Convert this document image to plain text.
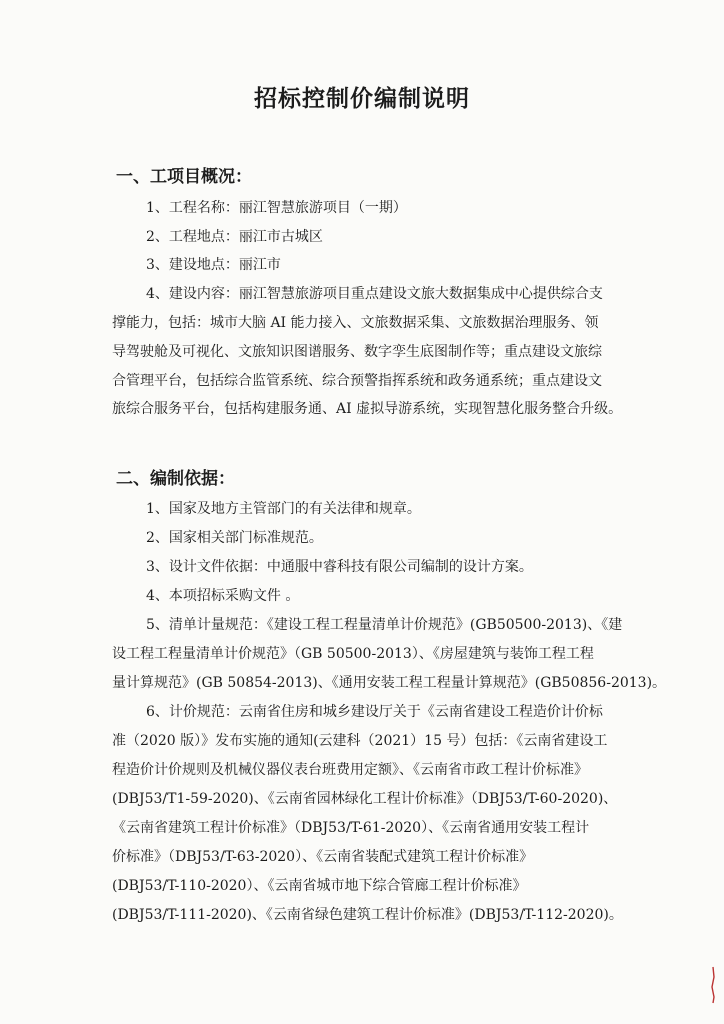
招标控制价编制说明
一、工项目概况：
1、工程名称：丽江智慧旅游项目（一期）
2、工程地点：丽江市古城区
3、建设地点：丽江市
4、建设内容：丽江智慧旅游项目重点建设文旅大数据集成中心提供综合支
撑能力，包括：城市大脑 AI 能力接入、文旅数据采集、文旅数据治理服务、领
导驾驶舱及可视化、文旅知识图谱服务、数字孪生底图制作等；重点建设文旅综
合管理平台，包括综合监管系统、综合预警指挥系统和政务通系统；重点建设文
旅综合服务平台，包括构建服务通、AI 虚拟导游系统，实现智慧化服务整合升级。
二、编制依据：
1、国家及地方主管部门的有关法律和规章。
2、国家相关部门标准规范。
3、设计文件依据：中通服中睿科技有限公司编制的设计方案。
4、本项招标采购文件 。
5、清单计量规范：《建设工程工程量清单计价规范》(GB50500-2013)、《建
设工程工程量清单计价规范》（GB 50500-2013）、《房屋建筑与装饰工程工程
量计算规范》(GB 50854-2013)、《通用安装工程工程量计算规范》(GB50856-2013)。
6、计价规范：云南省住房和城乡建设厅关于《云南省建设工程造价计价标
准（2020 版）》发布实施的通知(云建科（2021）15 号）包括：《云南省建设工
程造价计价规则及机械仪器仪表台班费用定额》、《云南省市政工程计价标准》
(DBJ53/T1-59-2020)、《云南省园林绿化工程计价标准》（DBJ53/T-60-2020)、
《云南省建筑工程计价标准》（DBJ53/T-61-2020）、《云南省通用安装工程计
价标准》（DBJ53/T-63-2020）、《云南省装配式建筑工程计价标准》
(DBJ53/T-110-2020）、《云南省城市地下综合管廊工程计价标准》
(DBJ53/T-111-2020)、《云南省绿色建筑工程计价标准》(DBJ53/T-112-2020)。
